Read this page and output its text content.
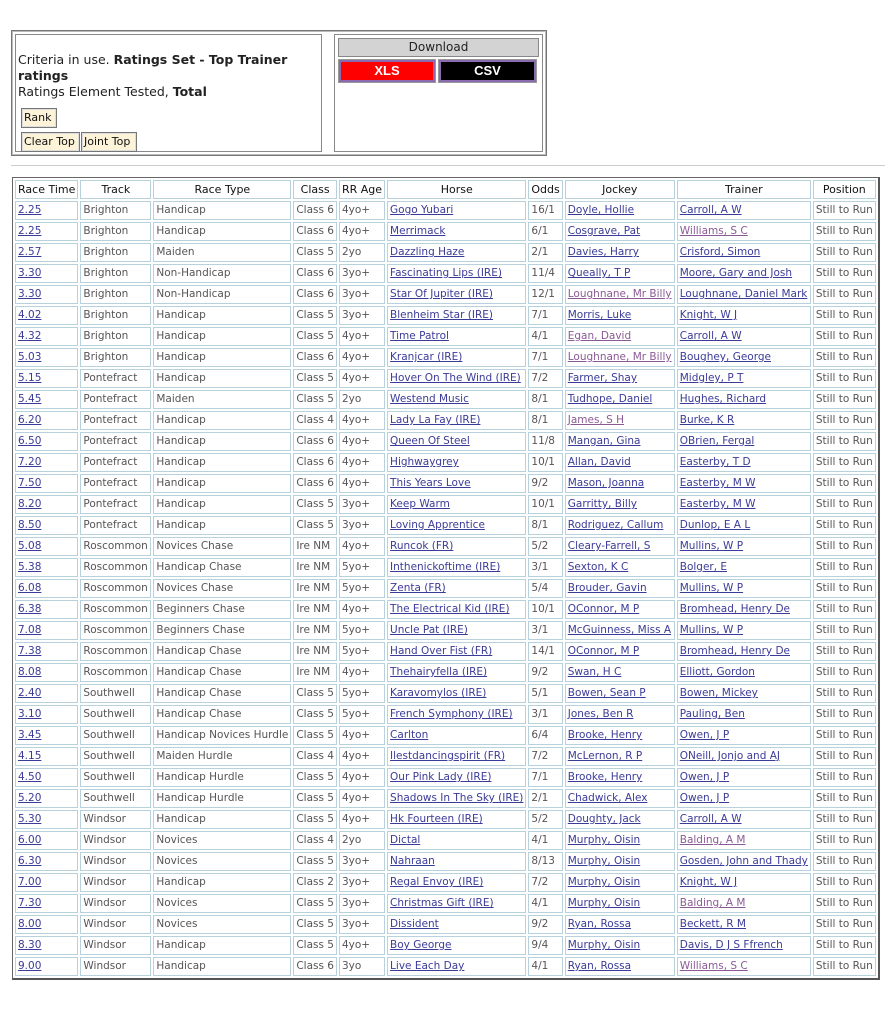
Criteria in use. Ratings Set - Top Trainer ratings
Ratings Element Tested, Total
Rank
Clear Top Joint Top
Download
XLS	CSV
Race Time	Track	Race Type	Class	RR Age	Horse	Odds	Jockey	Trainer	Position
2.25	Brighton	Handicap	Class 6	4yo+	Gogo Yubari	16/1	Doyle, Hollie	Carroll, A W	Still to Run
2.25	Brighton	Handicap	Class 6	4yo+	Merrimack	6/1	Cosgrave, Pat	Williams, S C	Still to Run
2.57	Brighton	Maiden	Class 5	2yo	Dazzling Haze	2/1	Davies, Harry	Crisford, Simon	Still to Run
3.30	Brighton	Non-Handicap	Class 6	3yo+	Fascinating Lips (IRE)	11/4	Queally, T P	Moore, Gary and Josh	Still to Run
3.30	Brighton	Non-Handicap	Class 6	3yo+	Star Of Jupiter (IRE)	12/1	Loughnane, Mr Billy	Loughnane, Daniel Mark	Still to Run
4.02	Brighton	Handicap	Class 5	3yo+	Blenheim Star (IRE)	7/1	Morris, Luke	Knight, W J	Still to Run
4.32	Brighton	Handicap	Class 5	4yo+	Time Patrol	4/1	Egan, David	Carroll, A W	Still to Run
5.03	Brighton	Handicap	Class 6	4yo+	Kranjcar (IRE)	7/1	Loughnane, Mr Billy	Boughey, George	Still to Run
5.15	Pontefract	Handicap	Class 5	4yo+	Hover On The Wind (IRE)	7/2	Farmer, Shay	Midgley, P T	Still to Run
5.45	Pontefract	Maiden	Class 5	2yo	Westend Music	8/1	Tudhope, Daniel	Hughes, Richard	Still to Run
6.20	Pontefract	Handicap	Class 4	4yo+	Lady La Fay (IRE)	8/1	James, S H	Burke, K R	Still to Run
6.50	Pontefract	Handicap	Class 6	4yo+	Queen Of Steel	11/8	Mangan, Gina	OBrien, Fergal	Still to Run
7.20	Pontefract	Handicap	Class 6	4yo+	Highwaygrey	10/1	Allan, David	Easterby, T D	Still to Run
7.50	Pontefract	Handicap	Class 6	4yo+	This Years Love	9/2	Mason, Joanna	Easterby, M W	Still to Run
8.20	Pontefract	Handicap	Class 5	3yo+	Keep Warm	10/1	Garritty, Billy	Easterby, M W	Still to Run
8.50	Pontefract	Handicap	Class 5	3yo+	Loving Apprentice	8/1	Rodriguez, Callum	Dunlop, E A L	Still to Run
5.08	Roscommon	Novices Chase	Ire NM	4yo+	Runcok (FR)	5/2	Cleary-Farrell, S	Mullins, W P	Still to Run
5.38	Roscommon	Handicap Chase	Ire NM	5yo+	Inthenickoftime (IRE)	3/1	Sexton, K C	Bolger, E	Still to Run
6.08	Roscommon	Novices Chase	Ire NM	5yo+	Zenta (FR)	5/4	Brouder, Gavin	Mullins, W P	Still to Run
6.38	Roscommon	Beginners Chase	Ire NM	4yo+	The Electrical Kid (IRE)	10/1	OConnor, M P	Bromhead, Henry De	Still to Run
7.08	Roscommon	Beginners Chase	Ire NM	5yo+	Uncle Pat (IRE)	3/1	McGuinness, Miss A	Mullins, W P	Still to Run
7.38	Roscommon	Handicap Chase	Ire NM	5yo+	Hand Over Fist (FR)	14/1	OConnor, M P	Bromhead, Henry De	Still to Run
8.08	Roscommon	Handicap Chase	Ire NM	4yo+	Thehairyfella (IRE)	9/2	Swan, H C	Elliott, Gordon	Still to Run
2.40	Southwell	Handicap Chase	Class 5	5yo+	Karavomylos (IRE)	5/1	Bowen, Sean P	Bowen, Mickey	Still to Run
3.10	Southwell	Handicap Chase	Class 5	5yo+	French Symphony (IRE)	3/1	Jones, Ben R	Pauling, Ben	Still to Run
3.45	Southwell	Handicap Novices Hurdle	Class 5	4yo+	Carlton	6/4	Brooke, Henry	Owen, J P	Still to Run
4.15	Southwell	Maiden Hurdle	Class 4	4yo+	Ilestdancingspirit (FR)	7/2	McLernon, R P	ONeill, Jonjo and AJ	Still to Run
4.50	Southwell	Handicap Hurdle	Class 5	4yo+	Our Pink Lady (IRE)	7/1	Brooke, Henry	Owen, J P	Still to Run
5.20	Southwell	Handicap Hurdle	Class 5	4yo+	Shadows In The Sky (IRE)	2/1	Chadwick, Alex	Owen, J P	Still to Run
5.30	Windsor	Handicap	Class 5	4yo+	Hk Fourteen (IRE)	5/2	Doughty, Jack	Carroll, A W	Still to Run
6.00	Windsor	Novices	Class 4	2yo	Dictal	4/1	Murphy, Oisin	Balding, A M	Still to Run
6.30	Windsor	Novices	Class 5	3yo+	Nahraan	8/13	Murphy, Oisin	Gosden, John and Thady	Still to Run
7.00	Windsor	Handicap	Class 2	3yo+	Regal Envoy (IRE)	7/2	Murphy, Oisin	Knight, W J	Still to Run
7.30	Windsor	Novices	Class 5	3yo+	Christmas Gift (IRE)	4/1	Murphy, Oisin	Balding, A M	Still to Run
8.00	Windsor	Novices	Class 5	3yo+	Dissident	9/2	Ryan, Rossa	Beckett, R M	Still to Run
8.30	Windsor	Handicap	Class 5	4yo+	Boy George	9/4	Murphy, Oisin	Davis, D J S Ffrench	Still to Run
9.00	Windsor	Handicap	Class 6	3yo	Live Each Day	4/1	Ryan, Rossa	Williams, S C	Still to Run
